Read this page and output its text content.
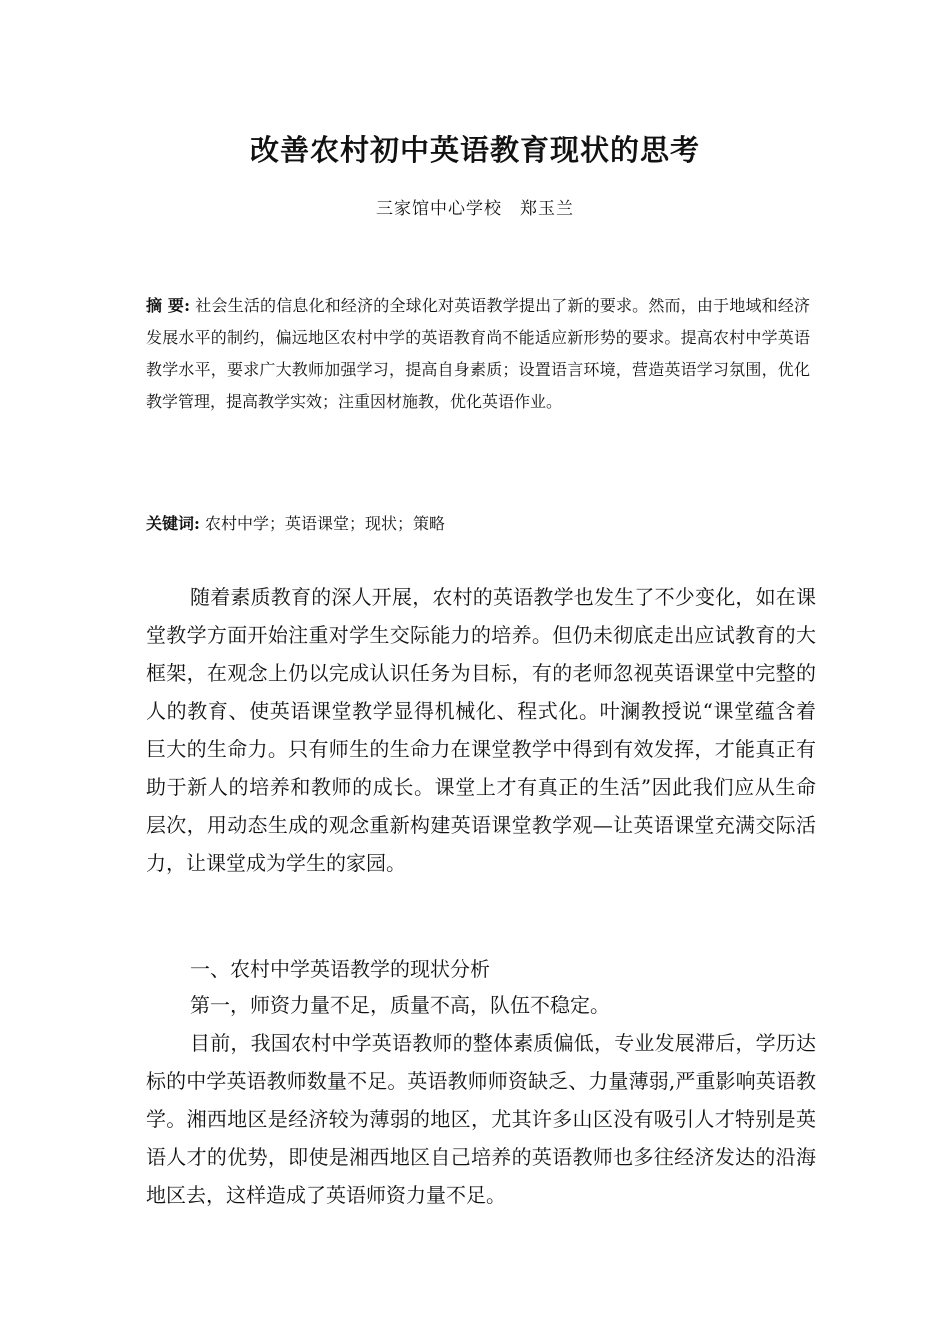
改善农村初中英语教育现状的思考
三家馆中心学校　郑玉兰

摘 要: 社会生活的信息化和经济的全球化对英语教学提出了新的要求。然而，由于地域和经济发展水平的制约，偏远地区农村中学的英语教育尚不能适应新形势的要求。提高农村中学英语教学水平，要求广大教师加强学习，提高自身素质；设置语言环境，营造英语学习氛围，优化教学管理，提高教学实效；注重因材施教，优化英语作业。

关键词: 农村中学；英语课堂；现状；策略

随着素质教育的深人开展，农村的英语教学也发生了不少变化，如在课堂教学方面开始注重对学生交际能力的培养。但仍未彻底走出应试教育的大框架，在观念上仍以完成认识任务为目标，有的老师忽视英语课堂中完整的人的教育、使英语课堂教学显得机械化、程式化。叶澜教授说“课堂蕴含着巨大的生命力。只有师生的生命力在课堂教学中得到有效发挥，才能真正有助于新人的培养和教师的成长。课堂上才有真正的生活”因此我们应从生命层次，用动态生成的观念重新构建英语课堂教学观—让英语课堂充满交际活力，让课堂成为学生的家园。

一、农村中学英语教学的现状分析

第一，师资力量不足，质量不高，队伍不稳定。

目前，我国农村中学英语教师的整体素质偏低，专业发展滞后，学历达标的中学英语教师数量不足。英语教师师资缺乏、力量薄弱,严重影响英语教学。湘西地区是经济较为薄弱的地区，尤其许多山区没有吸引人才特别是英语人才的优势，即使是湘西地区自己培养的英语教师也多往经济发达的沿海地区去，这样造成了英语师资力量不足。
